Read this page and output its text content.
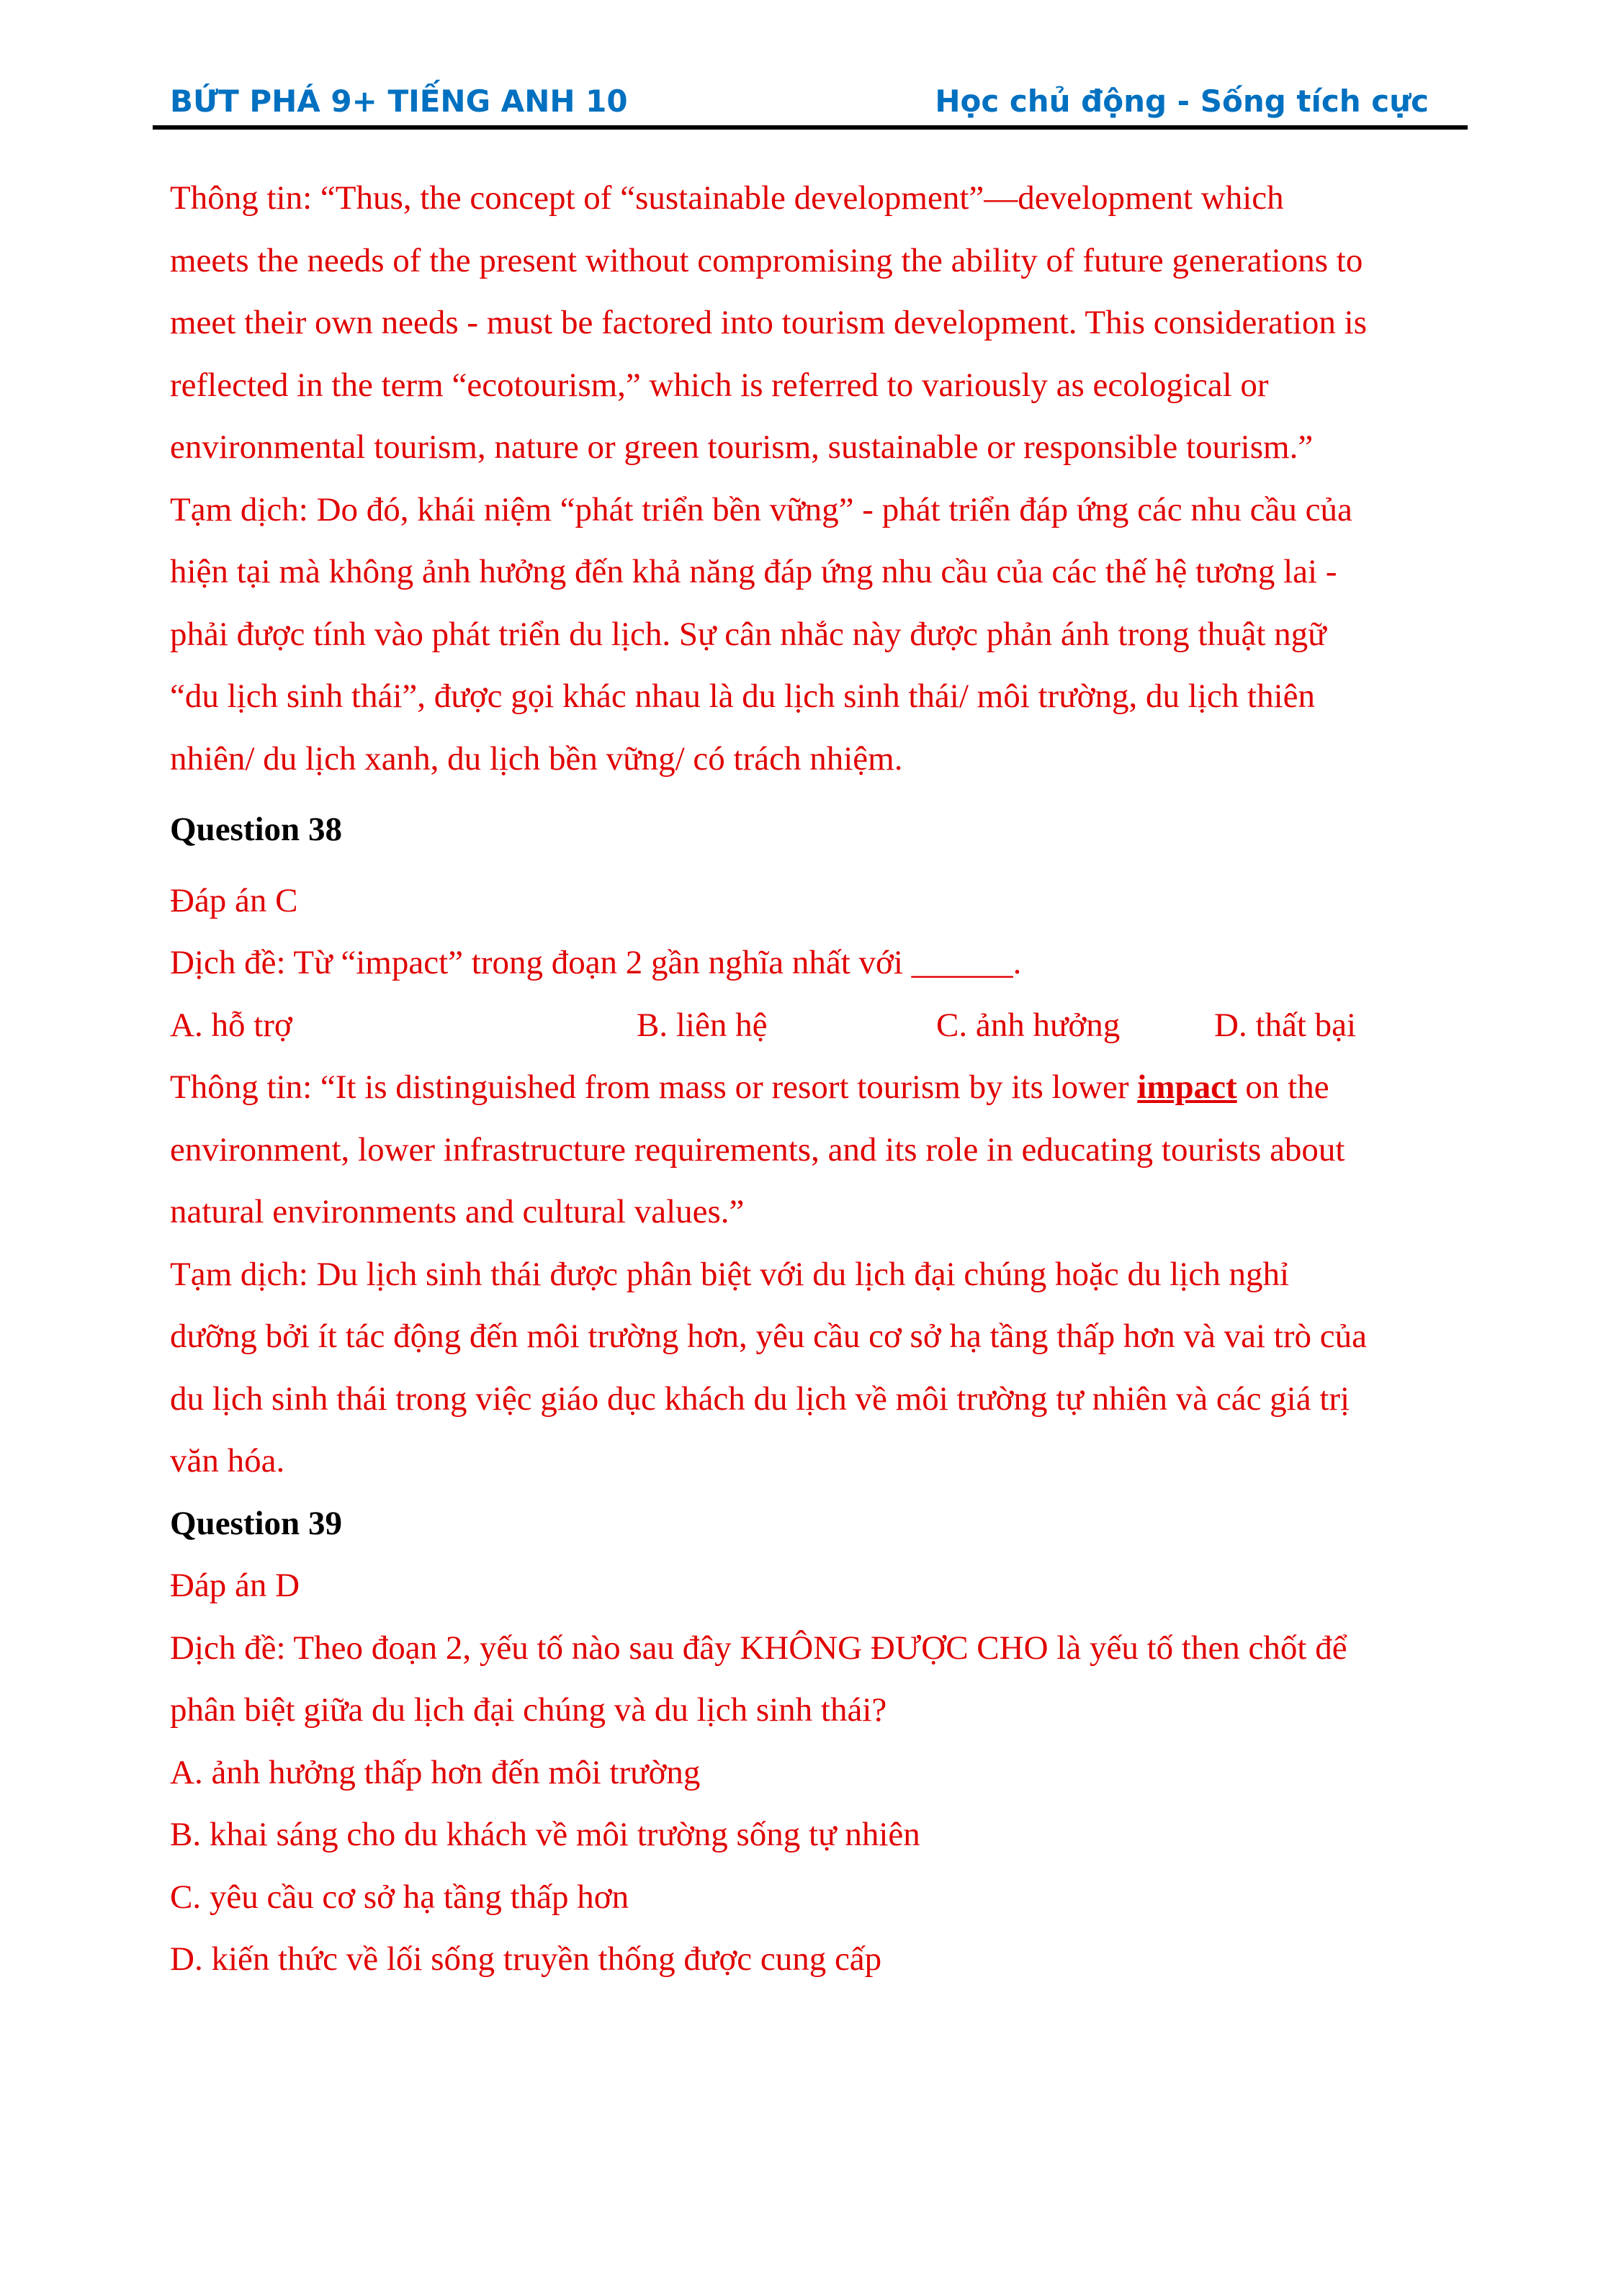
BỨT PHÁ 9+ TIẾNG ANH 10	Học chủ động - Sống tích cực

Thông tin: “Thus, the concept of “sustainable development”—development which

meets the needs of the present without compromising the ability of future generations to

meet their own needs - must be factored into tourism development. This consideration is

reflected in the term “ecotourism,” which is referred to variously as ecological or

environmental tourism, nature or green tourism, sustainable or responsible tourism.”

Tạm dịch: Do đó, khái niệm “phát triển bền vững” - phát triển đáp ứng các nhu cầu của

hiện tại mà không ảnh hưởng đến khả năng đáp ứng nhu cầu của các thế hệ tương lai -

phải được tính vào phát triển du lịch. Sự cân nhắc này được phản ánh trong thuật ngữ

“du lịch sinh thái”, được gọi khác nhau là du lịch sinh thái/ môi trường, du lịch thiên

nhiên/ du lịch xanh, du lịch bền vững/ có trách nhiệm.

Question 38

Đáp án C

Dịch đề: Từ “impact” trong đoạn 2 gần nghĩa nhất với ______.

A. hỗ trợ	B. liên hệ	C. ảnh hưởng	D. thất bại

Thông tin: “It is distinguished from mass or resort tourism by its lower impact on the

environment, lower infrastructure requirements, and its role in educating tourists about

natural environments and cultural values.”

Tạm dịch: Du lịch sinh thái được phân biệt với du lịch đại chúng hoặc du lịch nghỉ

dưỡng bởi ít tác động đến môi trường hơn, yêu cầu cơ sở hạ tầng thấp hơn và vai trò của

du lịch sinh thái trong việc giáo dục khách du lịch về môi trường tự nhiên và các giá trị

văn hóa.

Question 39

Đáp án D

Dịch đề: Theo đoạn 2, yếu tố nào sau đây KHÔNG ĐƯỢC CHO là yếu tố then chốt để

phân biệt giữa du lịch đại chúng và du lịch sinh thái?

A. ảnh hưởng thấp hơn đến môi trường

B. khai sáng cho du khách về môi trường sống tự nhiên

C. yêu cầu cơ sở hạ tầng thấp hơn

D. kiến thức về lối sống truyền thống được cung cấp
